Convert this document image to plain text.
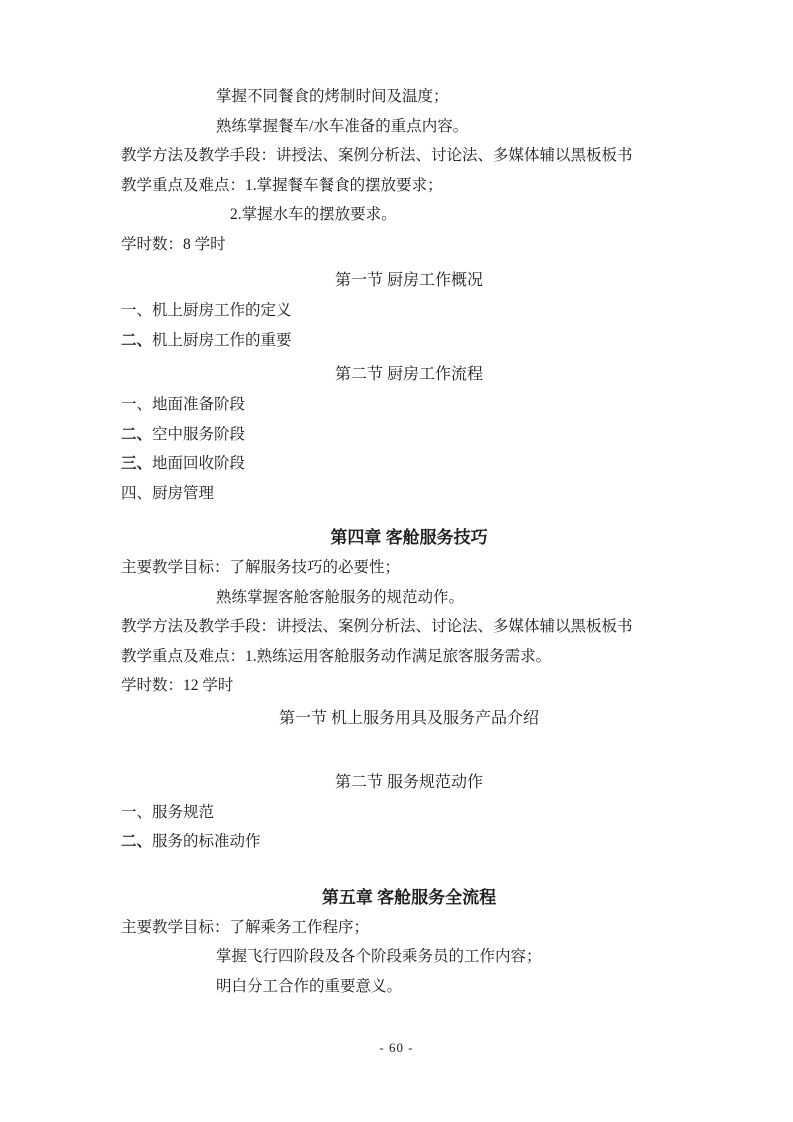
掌握不同餐食的烤制时间及温度；

熟练掌握餐车/水车准备的重点内容。

教学方法及教学手段：讲授法、案例分析法、讨论法、多媒体辅以黑板板书

教学重点及难点：1.掌握餐车餐食的摆放要求；

2.掌握水车的摆放要求。

学时数：8 学时

第一节 厨房工作概况

一、机上厨房工作的定义

二、机上厨房工作的重要

第二节 厨房工作流程

一、地面准备阶段

二、空中服务阶段

三、地面回收阶段

四、厨房管理

第四章 客舱服务技巧

主要教学目标：了解服务技巧的必要性；

熟练掌握客舱客舱服务的规范动作。

教学方法及教学手段：讲授法、案例分析法、讨论法、多媒体辅以黑板板书

教学重点及难点：1.熟练运用客舱服务动作满足旅客服务需求。

学时数：12 学时

第一节 机上服务用具及服务产品介绍

第二节 服务规范动作

一、服务规范

二、服务的标准动作

第五章 客舱服务全流程

主要教学目标：了解乘务工作程序；

掌握飞行四阶段及各个阶段乘务员的工作内容；

明白分工合作的重要意义。

- 60 -
